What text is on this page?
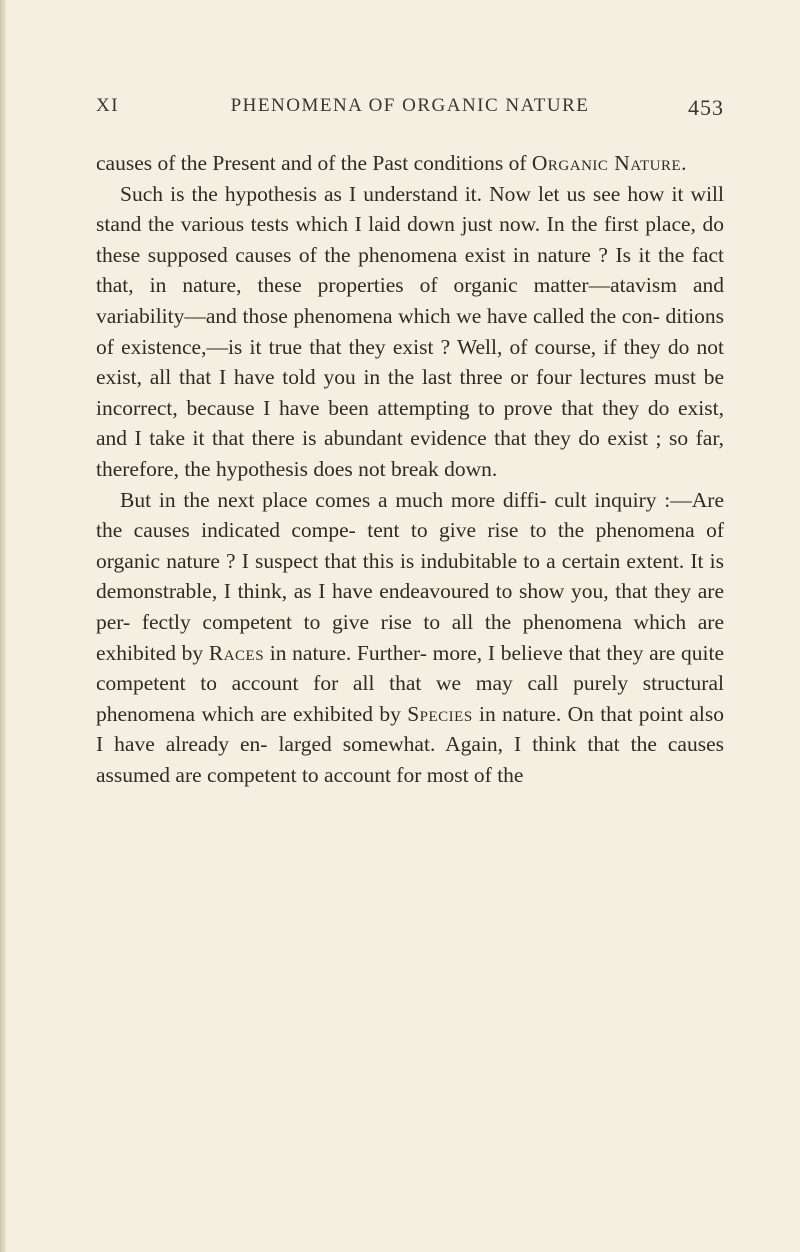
XI	PHENOMENA OF ORGANIC NATURE	453

causes of the Present and of the Past conditions of Organic Nature.

Such is the hypothesis as I understand it. Now let us see how it will stand the various tests which I laid down just now. In the first place, do these supposed causes of the phenomena exist in nature ? Is it the fact that, in nature, these properties of organic matter—atavism and variability—and those phenomena which we have called the con- ditions of existence,—is it true that they exist ? Well, of course, if they do not exist, all that I have told you in the last three or four lectures must be incorrect, because I have been attempting to prove that they do exist, and I take it that there is abundant evidence that they do exist ; so far, therefore, the hypothesis does not break down.

But in the next place comes a much more diffi- cult inquiry :—Are the causes indicated compe- tent to give rise to the phenomena of organic nature ? I suspect that this is indubitable to a certain extent. It is demonstrable, I think, as I have endeavoured to show you, that they are per- fectly competent to give rise to all the phenomena which are exhibited by Races in nature. Further- more, I believe that they are quite competent to account for all that we may call purely structural phenomena which are exhibited by Species in nature. On that point also I have already en- larged somewhat. Again, I think that the causes assumed are competent to account for most of the
